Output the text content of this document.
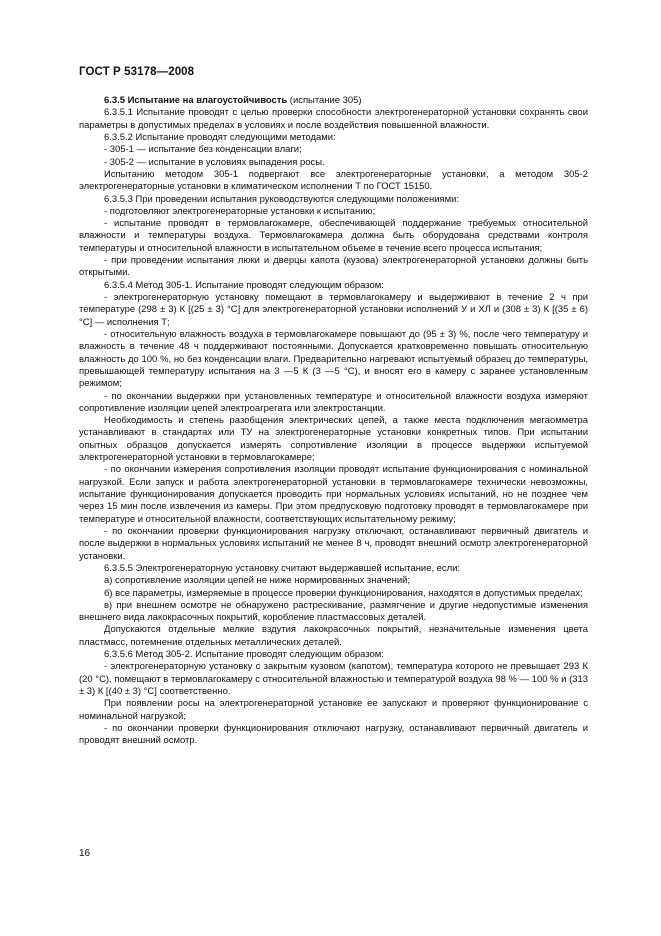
ГОСТ Р 53178—2008

6.3.5 Испытание на влагоустойчивость (испытание 305)

6.3.5.1 Испытание проводят с целью проверки способности электрогенераторной установки сохранять свои параметры в допустимых пределах в условиях и после воздействия повышенной влажности.

6.3.5.2 Испытание проводят следующими методами:

- 305-1 — испытание без конденсации влаги;

- 305-2 — испытание в условиях выпадения росы.

Испытанию методом 305-1 подвергают все электрогенераторные установки, а методом 305-2 электрогенераторные установки в климатическом исполнении Т по ГОСТ 15150.

6.3.5.3 При проведении испытания руководствуются следующими положениями:

- подготовляют электрогенераторные установки к испытанию;

- испытание проводят в термовлагокамере, обеспечивающей поддержание требуемых относительной влажности и температуры воздуха. Термовлагокамера должна быть оборудована средствами контроля температуры и относительной влажности в испытательном объеме в течение всего процесса испытания;

- при проведении испытания люки и дверцы капота (кузова) электрогенераторной установки должны быть открытыми.

6.3.5.4 Метод 305-1. Испытание проводят следующим образом:

- электрогенераторную установку помещают в термовлагокамеру и выдерживают в течение 2 ч при температуре (298 ± 3) К [(25 ± 3) °С] для электрогенераторной установки исполнений У и ХЛ и (308 ± 3) К [(35 ± 6) °С] — исполнения Т;

- относительную влажность воздуха в термовлагокамере повышают до (95 ± 3) %, после чего температуру и влажность в течение 48 ч поддерживают постоянными. Допускается кратковременно повышать относительную влажность до 100 %, но без конденсации влаги. Предварительно нагревают испытуемый образец до температуры, превышающей температуру испытания на 3 —5 К (3 —5 °С), и вносят его в камеру с заранее установленным режимом;

- по окончании выдержки при установленных температуре и относительной влажности воздуха измеряют сопротивление изоляции цепей электроагрегата или электростанции.

Необходимость и степень разобщения электрических цепей, а также места подключения мегаомметра устанавливают в стандартах или ТУ на электрогенераторные установки конкретных типов. При испытании опытных образцов допускается измерять сопротивление изоляции в процессе выдержки испытуемой электрогенераторной установки в термовлагокамере;

- по окончании измерения сопротивления изоляции проводят испытание функционирования с номинальной нагрузкой. Если запуск и работа электрогенераторной установки в термовлагокамере технически невозможны, испытание функционирования допускается проводить при нормальных условиях испытаний, но не позднее чем через 15 мин после извлечения из камеры. При этом предпусковую подготовку проводят в термовлагокамере при температуре и относительной влажности, соответствующих испытательному режиму;

- по окончании проверки функционирования нагрузку отключают, останавливают первичный двигатель и после выдержки в нормальных условиях испытаний не менее 8 ч, проводят внешний осмотр электрогенераторной установки.

6.3.5.5 Электрогенераторную установку считают выдержавшей испытание, если:

а) сопротивление изоляции цепей не ниже нормированных значений;

б) все параметры, измеряемые в процессе проверки функционирования, находятся в допустимых пределах;

в) при внешнем осмотре не обнаружено растрескивание, размягчение и другие недопустимые изменения внешнего вида лакокрасочных покрытий, коробление пластмассовых деталей.

Допускаются отдельные мелкие вздутия лакокрасочных покрытий, незначительные изменения цвета пластмасс, потемнение отдельных металлических деталей.

6.3.5.6 Метод 305-2. Испытание проводят следующим образом:

- электрогенераторную установку с закрытым кузовом (капотом), температура которого не превышает 293 К (20 °С), помещают в термовлагокамеру с относительной влажностью и температурой воздуха 98 % — 100 % и (313 ± 3) К [(40 ± 3) °С] соответственно.

При появлении росы на электрогенераторной установке ее запускают и проверяют функционирование с номинальной нагрузкой;

- по окончании проверки функционирования отключают нагрузку, останавливают первичный двигатель и проводят внешний осмотр.

16
